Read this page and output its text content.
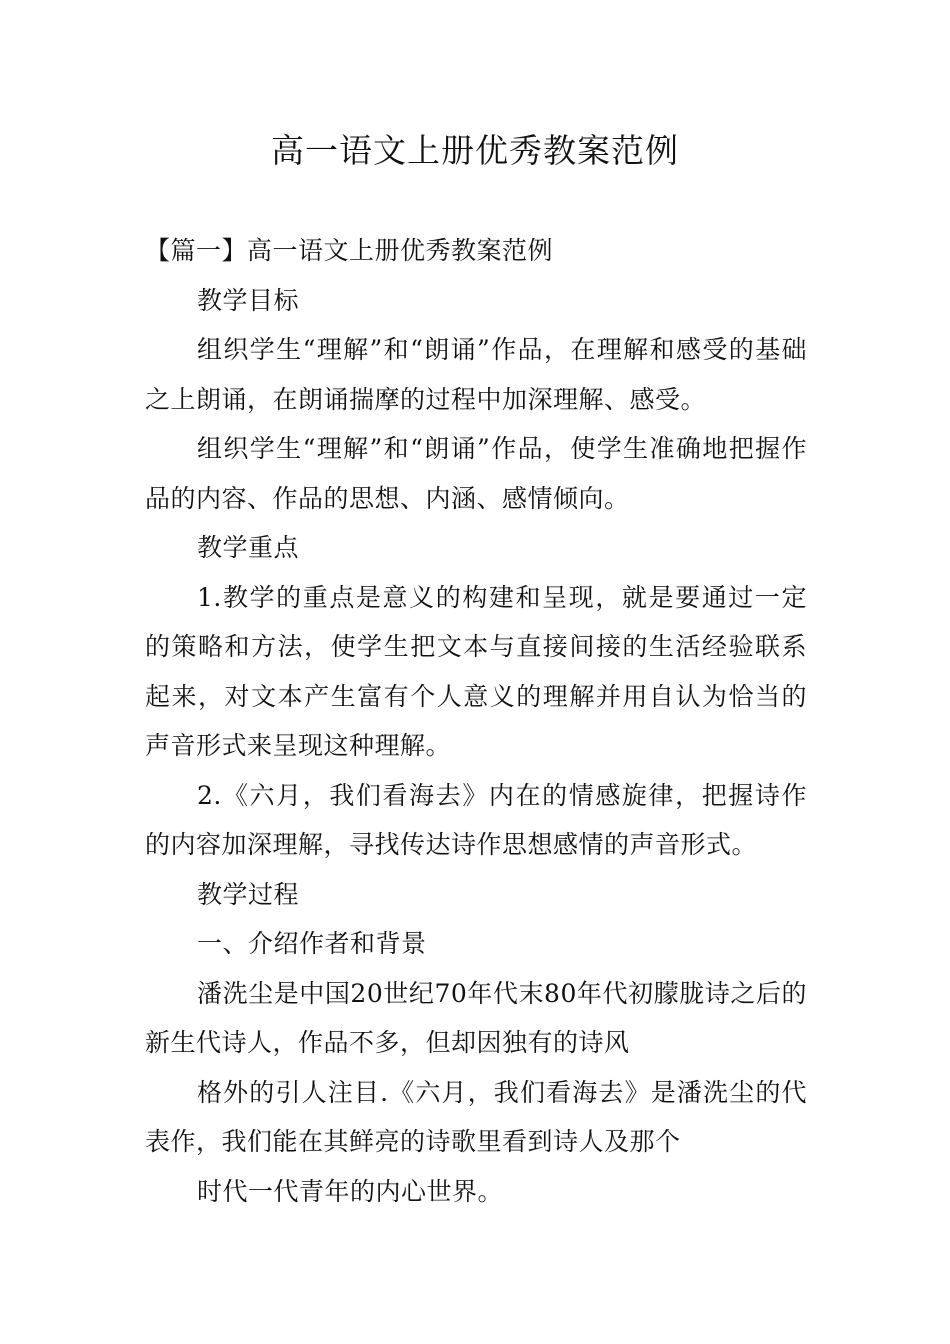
高一语文上册优秀教案范例

【篇一】高一语文上册优秀教案范例

教学目标

组织学生“理解”和“朗诵”作品，在理解和感受的基础之上朗诵，在朗诵揣摩的过程中加深理解、感受。

组织学生“理解”和“朗诵”作品，使学生准确地把握作品的内容、作品的思想、内涵、感情倾向。

教学重点

1.教学的重点是意义的构建和呈现，就是要通过一定的策略和方法，使学生把文本与直接间接的生活经验联系起来，对文本产生富有个人意义的理解并用自认为恰当的声音形式来呈现这种理解。

2.《六月，我们看海去》内在的情感旋律，把握诗作的内容加深理解，寻找传达诗作思想感情的声音形式。

教学过程

一、介绍作者和背景

潘洗尘是中国20世纪70年代末80年代初朦胧诗之后的新生代诗人，作品不多，但却因独有的诗风

格外的引人注目.《六月，我们看海去》是潘洗尘的代表作，我们能在其鲜亮的诗歌里看到诗人及那个

时代一代青年的内心世界。
